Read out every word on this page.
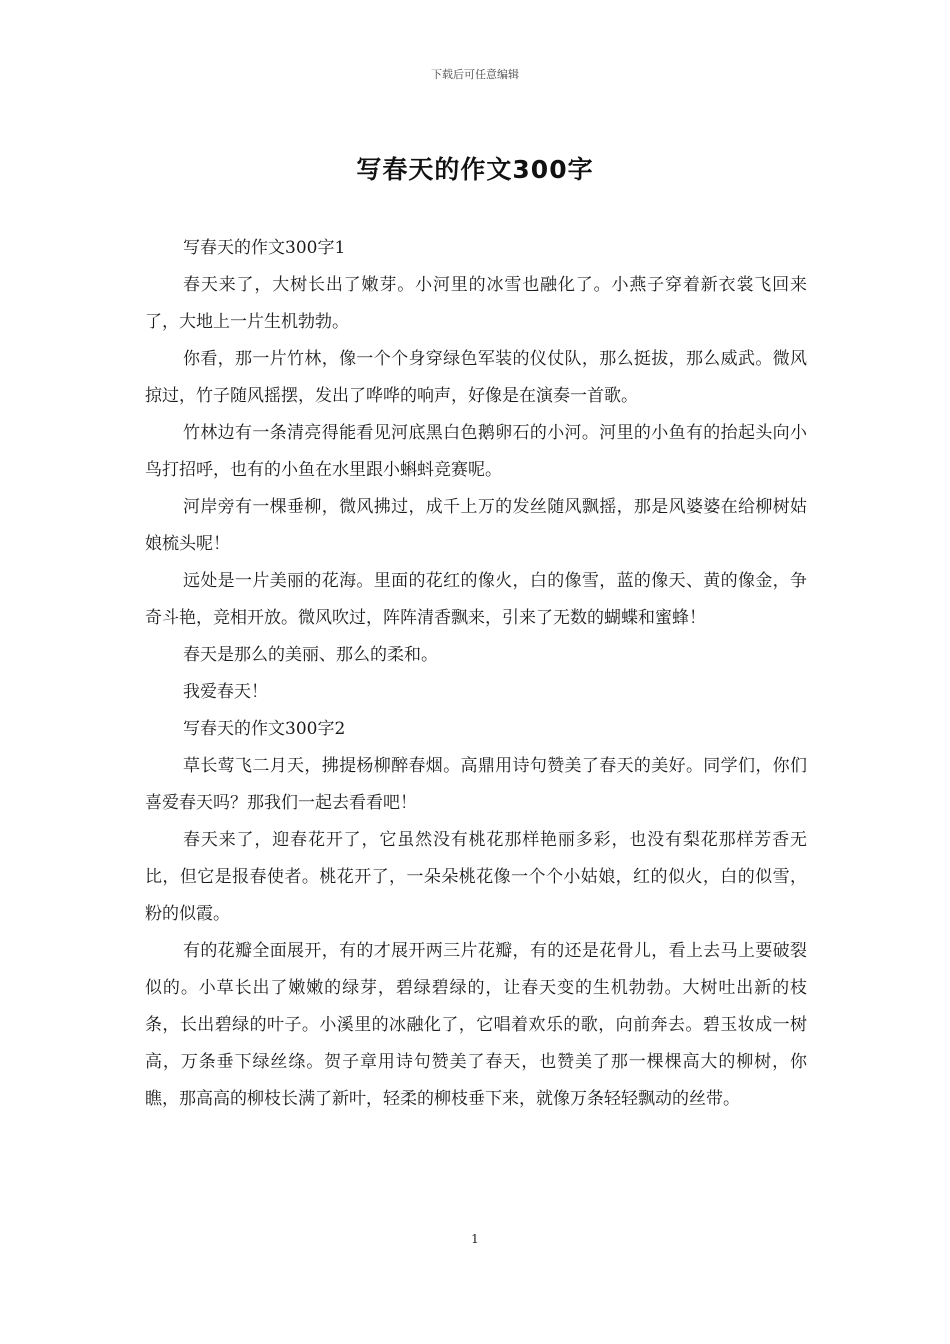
下载后可任意编辑
写春天的作文300字

写春天的作文300字1

春天来了，大树长出了嫩芽。小河里的冰雪也融化了。小燕子穿着新衣裳飞回来了，大地上一片生机勃勃。

你看，那一片竹林，像一个个身穿绿色军装的仪仗队，那么挺拔，那么威武。微风掠过，竹子随风摇摆，发出了哗哗的响声，好像是在演奏一首歌。

竹林边有一条清亮得能看见河底黑白色鹅卵石的小河。河里的小鱼有的抬起头向小鸟打招呼，也有的小鱼在水里跟小蝌蚪竞赛呢。

河岸旁有一棵垂柳，微风拂过，成千上万的发丝随风飘摇，那是风婆婆在给柳树姑娘梳头呢！

远处是一片美丽的花海。里面的花红的像火，白的像雪，蓝的像天、黄的像金，争奇斗艳，竞相开放。微风吹过，阵阵清香飘来，引来了无数的蝴蝶和蜜蜂！

春天是那么的美丽、那么的柔和。

我爱春天！

写春天的作文300字2

草长莺飞二月天，拂提杨柳醉春烟。高鼎用诗句赞美了春天的美好。同学们，你们喜爱春天吗？那我们一起去看看吧！

春天来了，迎春花开了，它虽然没有桃花那样艳丽多彩，也没有梨花那样芳香无比，但它是报春使者。桃花开了，一朵朵桃花像一个个小姑娘，红的似火，白的似雪，粉的似霞。

有的花瓣全面展开，有的才展开两三片花瓣，有的还是花骨儿，看上去马上要破裂似的。小草长出了嫩嫩的绿芽，碧绿碧绿的，让春天变的生机勃勃。大树吐出新的枝条，长出碧绿的叶子。小溪里的冰融化了，它唱着欢乐的歌，向前奔去。碧玉妆成一树高，万条垂下绿丝绦。贺子章用诗句赞美了春天，也赞美了那一棵棵高大的柳树，你瞧，那高高的柳枝长满了新叶，轻柔的柳枝垂下来，就像万条轻轻飘动的丝带。

1
